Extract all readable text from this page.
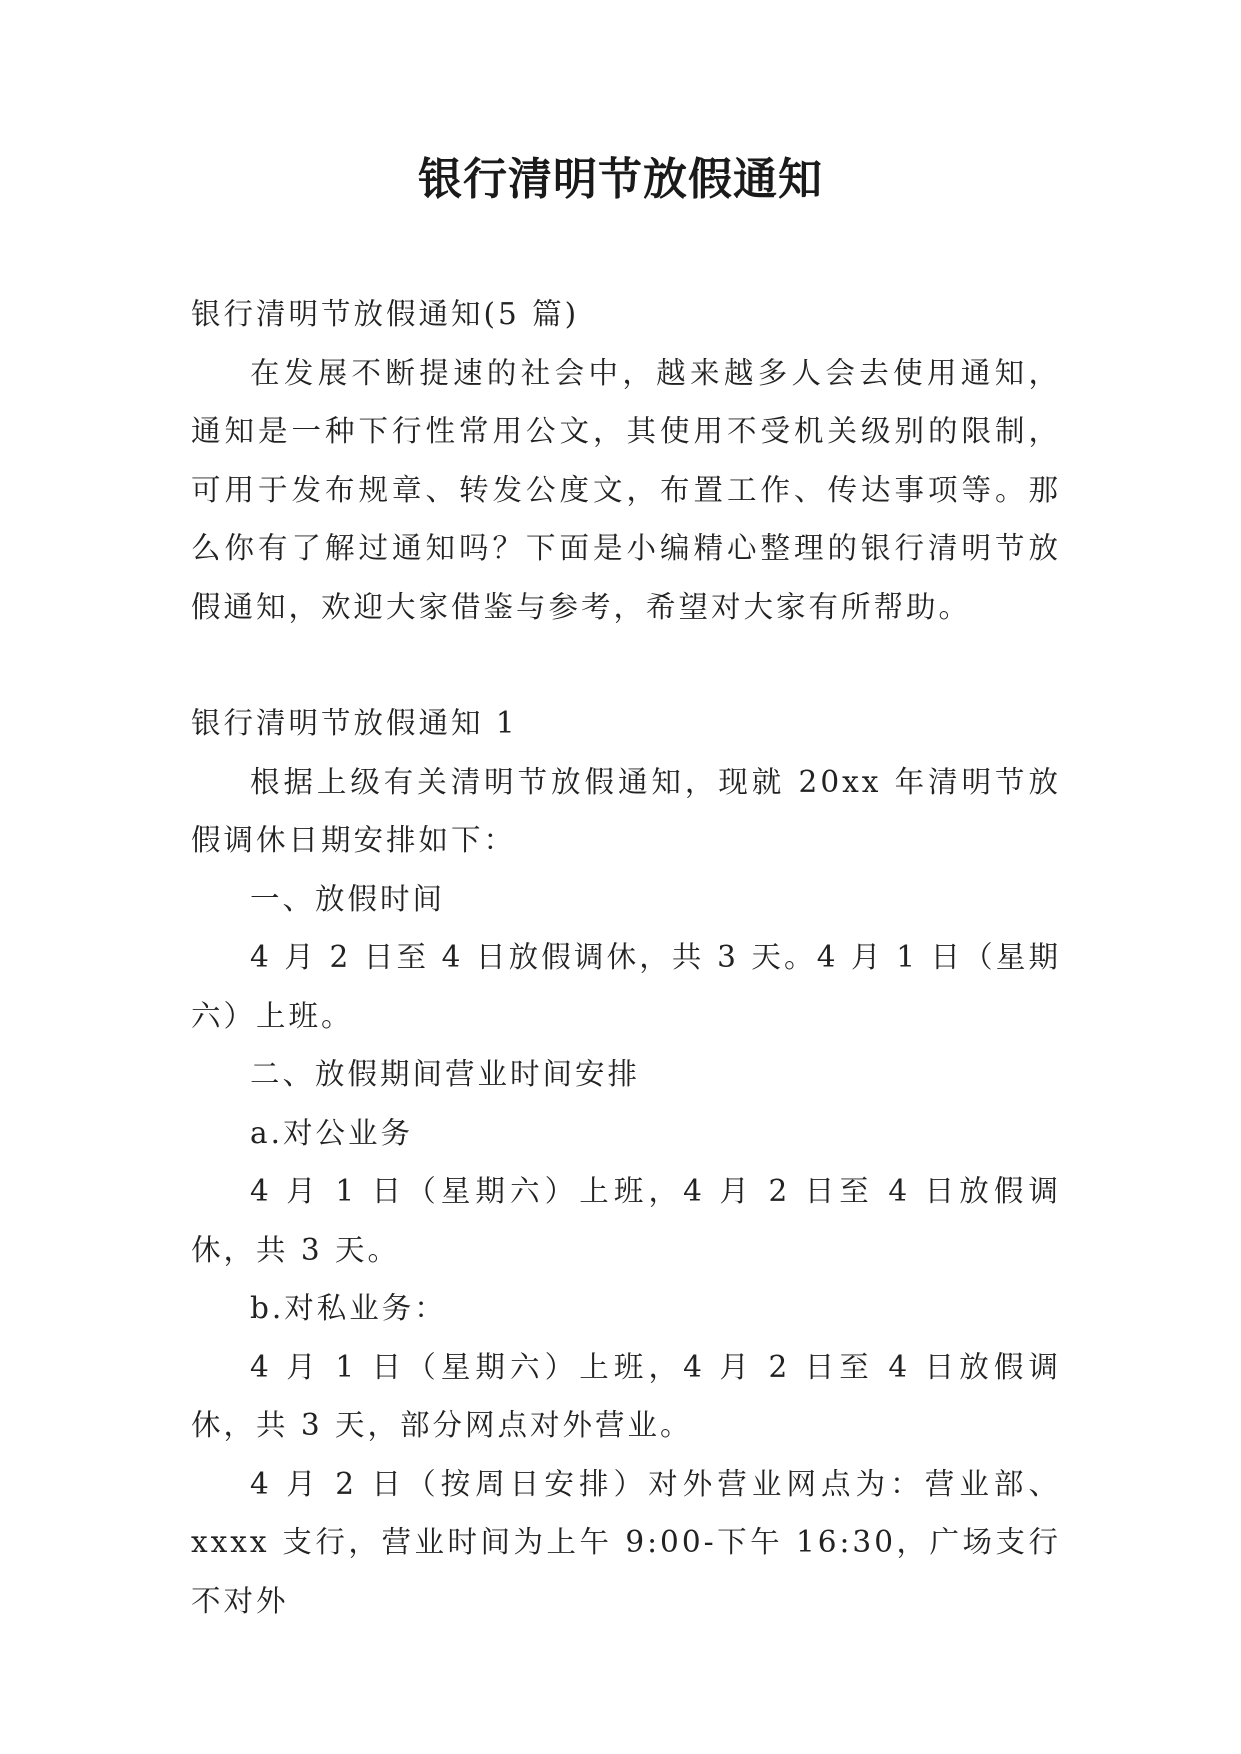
银行清明节放假通知

银行清明节放假通知(5 篇)

在发展不断提速的社会中，越来越多人会去使用通知，通知是一种下行性常用公文，其使用不受机关级别的限制，可用于发布规章、转发公度文，布置工作、传达事项等。那么你有了解过通知吗？下面是小编精心整理的银行清明节放假通知，欢迎大家借鉴与参考，希望对大家有所帮助。

银行清明节放假通知 1

根据上级有关清明节放假通知，现就 20xx 年清明节放假调休日期安排如下：

一、放假时间

4 月 2 日至 4 日放假调休，共 3 天。4 月 1 日（星期六）上班。

二、放假期间营业时间安排

a.对公业务

4 月 1 日（星期六）上班，4 月 2 日至 4 日放假调休，共 3 天。

b.对私业务：

4 月 1 日（星期六）上班，4 月 2 日至 4 日放假调休，共 3 天，部分网点对外营业。

4 月 2 日（按周日安排）对外营业网点为：营业部、xxxx 支行，营业时间为上午 9:00-下午 16:30，广场支行不对外
